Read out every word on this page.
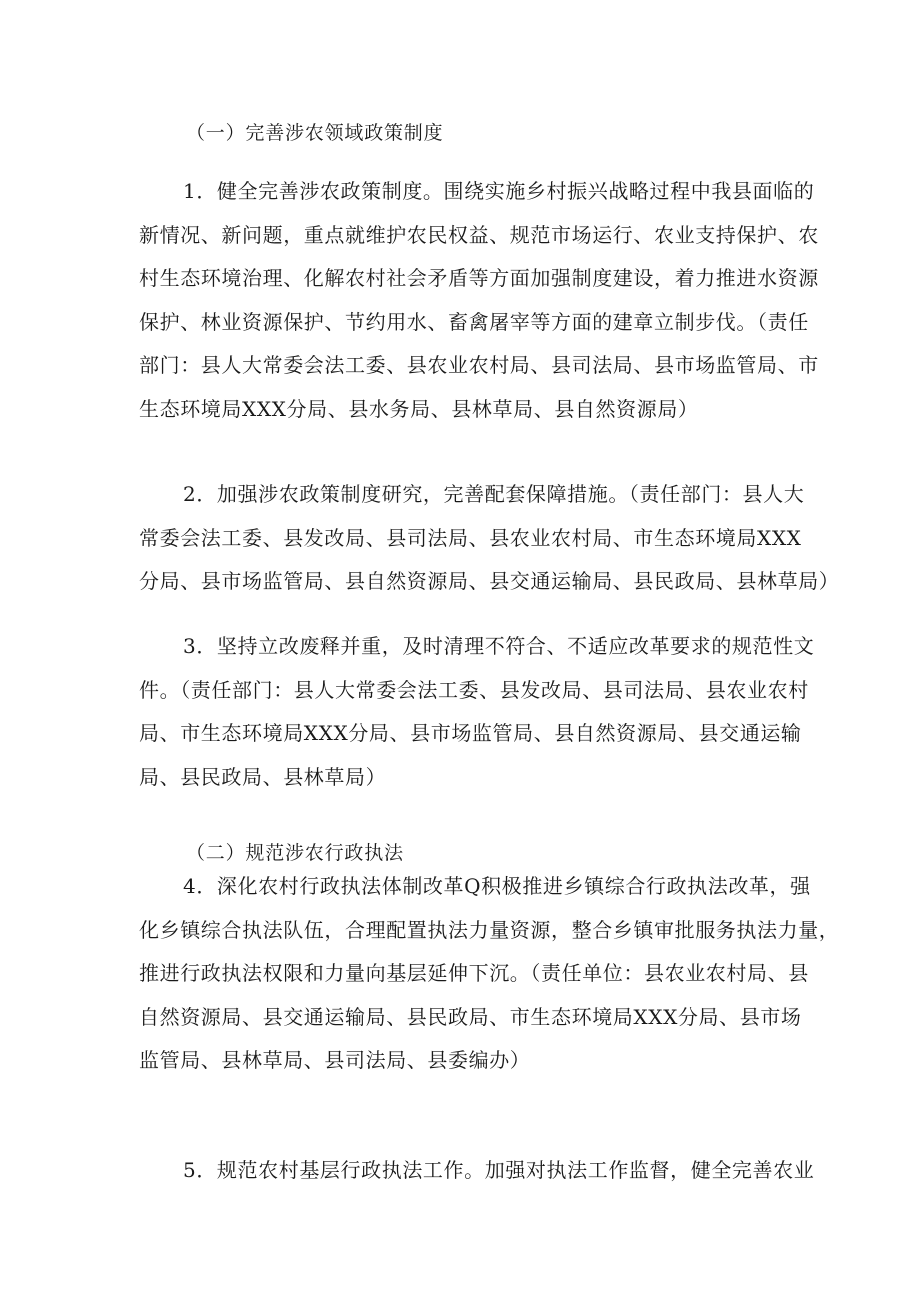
（一）完善涉农领域政策制度
1．健全完善涉农政策制度。围绕实施乡村振兴战略过程中我县面临的
新情况、新问题，重点就维护农民权益、规范市场运行、农业支持保护、农
村生态环境治理、化解农村社会矛盾等方面加强制度建设，着力推进水资源
保护、林业资源保护、节约用水、畜禽屠宰等方面的建章立制步伐。（责任
部门：县人大常委会法工委、县农业农村局、县司法局、县市场监管局、市
生态环境局XXX分局、县水务局、县林草局、县自然资源局）
2．加强涉农政策制度研究，完善配套保障措施。（责任部门：县人大
常委会法工委、县发改局、县司法局、县农业农村局、市生态环境局XXX
分局、县市场监管局、县自然资源局、县交通运输局、县民政局、县林草局）
3．坚持立改废释并重，及时清理不符合、不适应改革要求的规范性文
件。（责任部门：县人大常委会法工委、县发改局、县司法局、县农业农村
局、市生态环境局XXX分局、县市场监管局、县自然资源局、县交通运输
局、县民政局、县林草局）
（二）规范涉农行政执法
4．深化农村行政执法体制改革Q积极推进乡镇综合行政执法改革，强
化乡镇综合执法队伍，合理配置执法力量资源，整合乡镇审批服务执法力量，
推进行政执法权限和力量向基层延伸下沉。（责任单位：县农业农村局、县
自然资源局、县交通运输局、县民政局、市生态环境局XXX分局、县市场
监管局、县林草局、县司法局、县委编办）
5．规范农村基层行政执法工作。加强对执法工作监督，健全完善农业
